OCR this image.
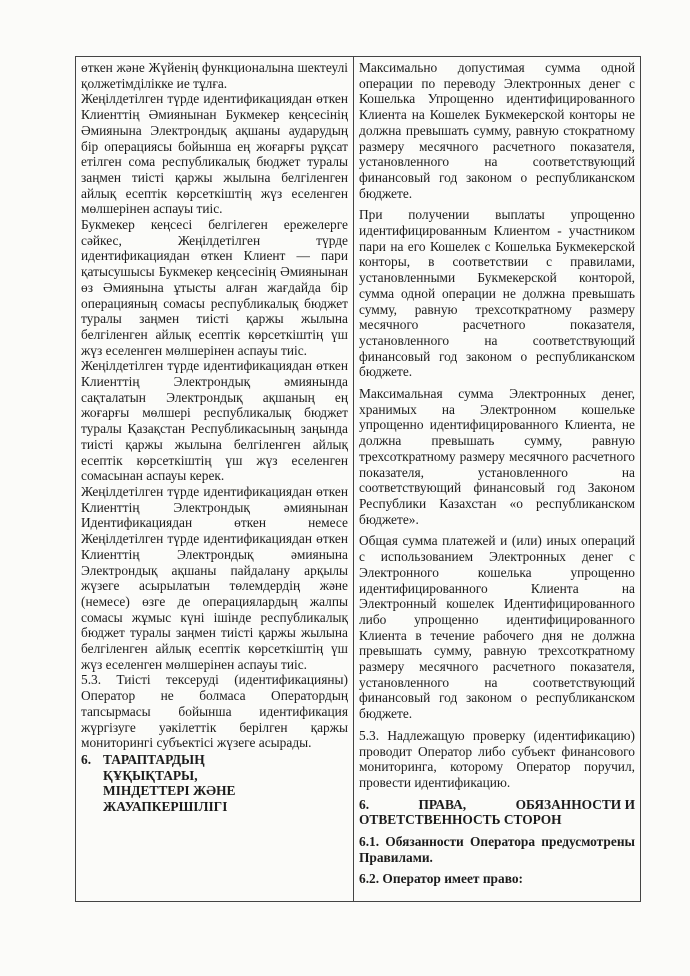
өткен және Жүйенің функционалына шектеулі қолжетімділікке ие тұлға.

Жеңілдетілген түрде идентификациядан өткен Клиенттің Әмиянынан Букмекер кеңсесінің Әмиянына Электрондық ақшаны аударудың бір операциясы бойынша ең жоғарғы рұқсат етілген сома республикалық бюджет туралы заңмен тиісті қаржы жылына белгіленген айлық есептік көрсеткіштің жүз еселенген мөлшерінен аспауы тиіс.

Букмекер кеңсесі белгілеген ережелерге сәйкес, Жеңілдетілген түрде идентификациядан өткен Клиент — пари қатысушысы Букмекер кеңсесінің Әмиянынан өз Әмиянына ұтысты алған жағдайда бір операцияның сомасы республикалық бюджет туралы заңмен тиісті қаржы жылына белгіленген айлық есептік көрсеткіштің үш жүз еселенген мөлшерінен аспауы тиіс.

Жеңілдетілген түрде идентификациядан өткен Клиенттің Электрондық әмиянында сақталатын Электрондық ақшаның ең жоғарғы мөлшері республикалық бюджет туралы Қазақстан Республикасының заңында тиісті қаржы жылына белгіленген айлық есептік көрсеткіштің үш жүз еселенген сомасынан аспауы керек.

Жеңілдетілген түрде идентификациядан өткен Клиенттің Электрондық әмиянынан Идентификациядан өткен немесе Жеңілдетілген түрде идентификациядан өткен Клиенттің Электрондық әмиянына Электрондық ақшаны пайдалану арқылы жүзеге асырылатын төлемдердің және (немесе) өзге де операциялардың жалпы сомасы жұмыс күні ішінде республикалық бюджет туралы заңмен тиісті қаржы жылына белгіленген айлық есептік көрсеткіштің үш жүз еселенген мөлшерінен аспауы тиіс.

5.3. Тиісті тексеруді (идентификацияны) Оператор не болмаса Оператордың тапсырмасы бойынша идентификация жүргізуге уәкілеттік берілген қаржы мониторингі субъектісі жүзеге асырады.

6. ТАРАПТАРДЫҢ
ҚҰҚЫҚТАРЫ,
МІНДЕТТЕРІ ЖӘНЕ
ЖАУАПКЕРШІЛІГІ

Максимально допустимая сумма одной операции по переводу Электронных денег с Кошелька Упрощенно идентифицированного Клиента на Кошелек Букмекерской конторы не должна превышать сумму, равную стократному размеру месячного расчетного показателя, установленного на соответствующий финансовый год законом о республиканском бюджете.

При получении выплаты упрощенно идентифицированным Клиентом - участником пари на его Кошелек с Кошелька Букмекерской конторы, в соответствии с правилами, установленными Букмекерской конторой, сумма одной операции не должна превышать сумму, равную трехсоткратному размеру месячного расчетного показателя, установленного на соответствующий финансовый год законом о республиканском бюджете.

Максимальная сумма Электронных денег, хранимых на Электронном кошельке упрощенно идентифицированного Клиента, не должна превышать сумму, равную трехсоткратному размеру месячного расчетного показателя, установленного на соответствующий финансовый год Законом Республики Казахстан «о республиканском бюджете».

Общая сумма платежей и (или) иных операций с использованием Электронных денег с Электронного кошелька упрощенно идентифицированного Клиента на Электронный кошелек Идентифицированного либо упрощенно идентифицированного Клиента в течение рабочего дня не должна превышать сумму, равную трехсоткратному размеру месячного расчетного показателя, установленного на соответствующий финансовый год законом о республиканском бюджете.

5.3. Надлежащую проверку (идентификацию) проводит Оператор либо субъект финансового мониторинга, которому Оператор поручил, провести идентификацию.

6.	ПРАВА,	ОБЯЗАННОСТИ И
ОТВЕТСТВЕННОСТЬ СТОРОН

6.1. Обязанности Оператора предусмотрены Правилами.

6.2. Оператор имеет право:
